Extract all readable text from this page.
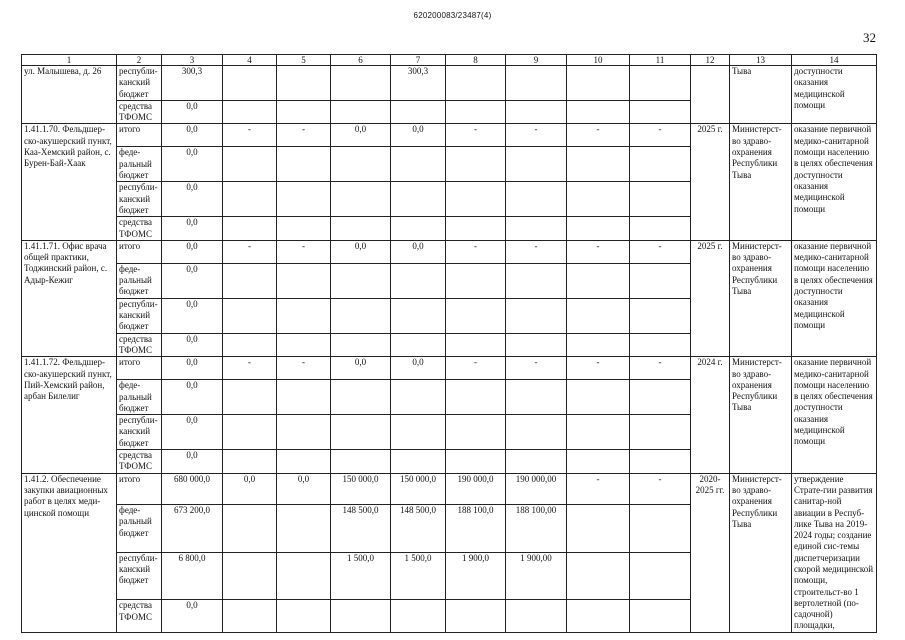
620200083/23487(4)
32
1	2	3	4	5	6	7	8	9	10	11	12	13	14
ул. Малышева, д. 26	республи-канский бюджет	300,3				300,3						Тыва	доступности оказания медицинской помощи
	средства ТФОМС	0,0											
1.41.1.70. Фельдшер-ско-акушерский пункт, Каа-Хемский район, с. Бурен-Бай-Хаак	итого	0,0	-	-	0,0	0,0	-	-	-	-	2025 г.	Министерст-во здраво-охранения Республики Тыва	оказание первичной медико-санитарной помощи населению в целях обеспечения доступности оказания медицинской помощи
	феде-ральный бюджет	0,0											
	республи-канский бюджет	0,0											
	средства ТФОМС	0,0											
1.41.1.71. Офис врача общей практики, Тоджинский район, с. Адыр-Кежиг	итого	0,0	-	-	0,0	0,0	-	-	-	-	2025 г.	Министерст-во здраво-охранения Республики Тыва	оказание первичной медико-санитарной помощи населению в целях обеспечения доступности оказания медицинской помощи
	феде-ральный бюджет	0,0											
	республи-канский бюджет	0,0											
	средства ТФОМС	0,0											
1.41.1.72. Фельдшер-ско-акушерский пункт, Пий-Хемский район, арбан Билелиг	итого	0,0	-	-	0,0	0,0	-	-	-	-	2024 г.	Министерст-во здраво-охранения Республики Тыва	оказание первичной медико-санитарной помощи населению в целях обеспечения доступности оказания медицинской помощи
	феде-ральный бюджет	0,0											
	республи-канский бюджет	0,0											
	средства ТФОМС	0,0											
1.41.2. Обеспечение закупки авиационных работ в целях меди-цинской помощи	итого	680 000,0	0,0	0,0	150 000,0	150 000,0	190 000,0	190 000,00	-	-	2020-2025 гг.	Министерст-во здраво-охранения Республики Тыва	утверждение Страте-гии развития санитар-ной авиации в Респуб-лике Тыва на 2019-2024 годы; создание единой сис-темы диспетчеризации скорой медицинской помощи, строительст-во 1 вертолетной (по-садочной) площадки,
	феде-ральный бюджет	673 200,0			148 500,0	148 500,0	188 100,0	188 100,00					
	республи-канский бюджет	6 800,0			1 500,0	1 500,0	1 900,0	1 900,00					
	средства ТФОМС	0,0											
